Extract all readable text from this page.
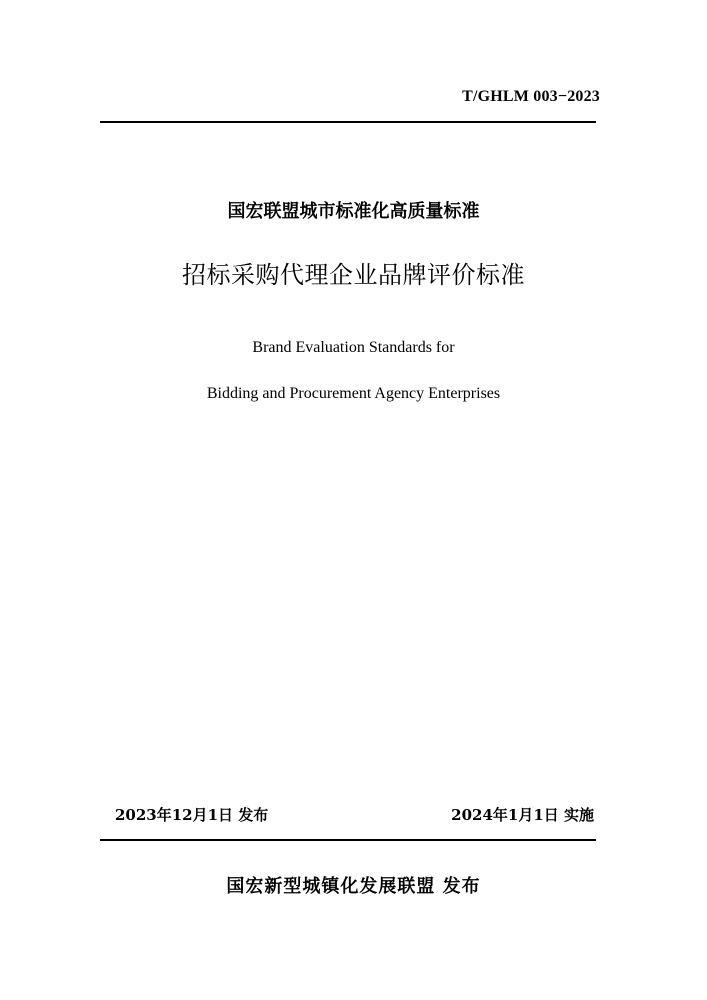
T/GHLM 003−2023
国宏联盟城市标准化高质量标准
招标采购代理企业品牌评价标准
Brand Evaluation Standards for
Bidding and Procurement Agency Enterprises
2023年12月1日 发布	2024年1月1日 实施
国宏新型城镇化发展联盟 发布
